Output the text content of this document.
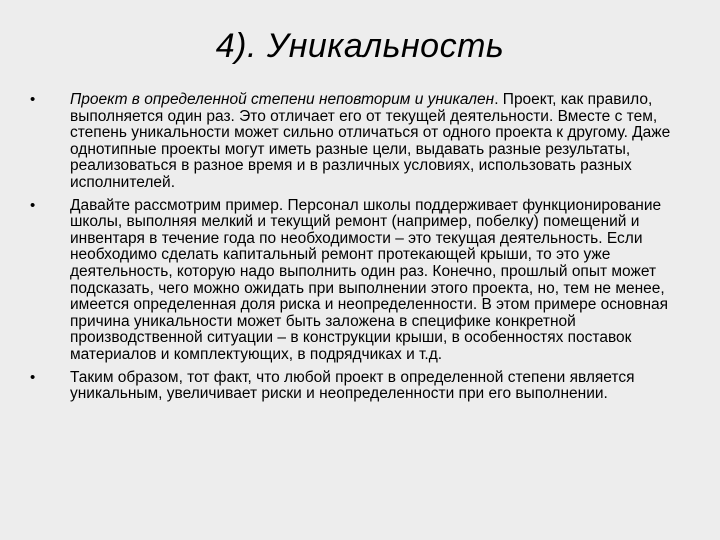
4). Уникальность
• Проект в определенной степени неповторим и уникален. Проект, как правило, выполняется один раз. Это отличает его от текущей деятельности. Вместе с тем, степень уникальности может сильно отличаться от одного проекта к другому. Даже однотипные проекты могут иметь разные цели, выдавать разные результаты, реализоваться в разное время и в различных условиях, использовать разных исполнителей.
• Давайте рассмотрим пример. Персонал школы поддерживает функционирование школы, выполняя мелкий и текущий ремонт (например, побелку) помещений и инвентаря в течение года по необходимости – это текущая деятельность. Если необходимо сделать капитальный ремонт протекающей крыши, то это уже деятельность, которую надо выполнить один раз. Конечно, прошлый опыт может подсказать, чего можно ожидать при выполнении этого проекта, но, тем не менее, имеется определенная доля риска и неопределенности. В этом примере основная причина уникальности может быть заложена в специфике конкретной производственной ситуации – в конструкции крыши, в особенностях поставок материалов и комплектующих, в подрядчиках и т.д.
• Таким образом, тот факт, что любой проект в определенной степени является уникальным, увеличивает риски и неопределенности при его выполнении.
